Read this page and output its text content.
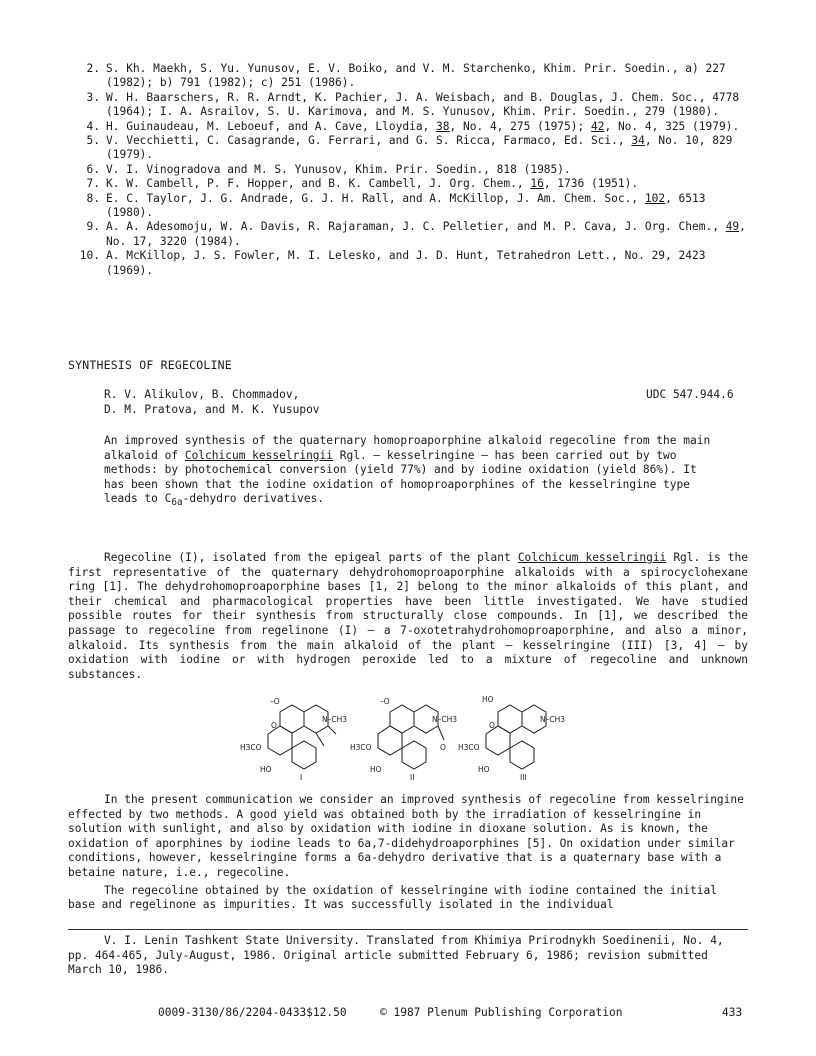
2. S. Kh. Maekh, S. Yu. Yunusov, E. V. Boiko, and V. M. Starchenko, Khim. Prir. Soedin., a) 227 (1982); b) 791 (1982); c) 251 (1986).
3. W. H. Baarschers, R. R. Arndt, K. Pachier, J. A. Weisbach, and B. Douglas, J. Chem. Soc., 4778 (1964); I. A. Asrailov, S. U. Karimova, and M. S. Yunusov, Khim. Prir. Soedin., 279 (1980).
4. H. Guinaudeau, M. Leboeuf, and A. Cave, Lloydia, 38, No. 4, 275 (1975); 42, No. 4, 325 (1979).
5. V. Vecchietti, C. Casagrande, G. Ferrari, and G. S. Ricca, Farmaco, Ed. Sci., 34, No. 10, 829 (1979).
6. V. I. Vinogradova and M. S. Yunusov, Khim. Prir. Soedin., 818 (1985).
7. K. W. Cambell, P. F. Hopper, and B. K. Cambell, J. Org. Chem., 16, 1736 (1951).
8. E. C. Taylor, J. G. Andrade, G. J. H. Rall, and A. McKillop, J. Am. Chem. Soc., 102, 6513 (1980).
9. A. A. Adesomoju, W. A. Davis, R. Rajaraman, J. C. Pelletier, and M. P. Cava, J. Org. Chem., 49, No. 17, 3220 (1984).
10. A. McKillop, J. S. Fowler, M. I. Lelesko, and J. D. Hunt, Tetrahedron Lett., No. 29, 2423 (1969).
SYNTHESIS OF REGECOLINE
R. V. Alikulov, B. Chommadov,
D. M. Pratova, and M. K. Yusupov
UDC 547.944.6
An improved synthesis of the quaternary homoproaporphine alkaloid regecoline from the main alkaloid of Colchicum kesselringii Rgl. – kesselringine – has been carried out by two methods: by photochemical conversion (yield 77%) and by iodine oxidation (yield 86%). It has been shown that the iodine oxidation of homoproaporphines of the kesselringine type leads to $C_{6a}$-dehydro derivatives.
Regecoline (I), isolated from the epigeal parts of the plant Colchicum kesselringii Rgl. is the first representative of the quaternary dehydrohomoproaporphine alkaloids with a spirocyclohexane ring [1]. The dehydrohomoproaporphine bases [1, 2] belong to the minor alkaloids of this plant, and their chemical and pharmacological properties have been little investigated. We have studied possible routes for their synthesis from structurally close compounds. In [1], we described the passage to regecoline from regelinone (I) – a 7-oxotetrahydrohomoproaporphine, and also a minor, alkaloid. Its synthesis from the main alkaloid of the plant – kesselringine (III) [3, 4] – by oxidation with iodine or with hydrogen peroxide led to a mixture of regecoline and unknown substances.
–O
N–CH3
O
H3CO
HO
I
–O
N–CH3
O
H3CO
HO
II
HO
N–CH3
O
H3CO
HO
III

In the present communication we consider an improved synthesis of regecoline from kesselringine effected by two methods. A good yield was obtained both by the irradiation of kesselringine in solution with sunlight, and also by oxidation with iodine in dioxane solution. As is known, the oxidation of aporphines by iodine leads to 6a,7-didehydroaporphines [5]. On oxidation under similar conditions, however, kesselringine forms a 6a-dehydro derivative that is a quaternary base with a betaine nature, i.e., regecoline.

The regecoline obtained by the oxidation of kesselringine with iodine contained the initial base and regelinone as impurities. It was successfully isolated in the individual

V. I. Lenin Tashkent State University. Translated from Khimiya Prirodnykh Soedinenii, No. 4, pp. 464-465, July-August, 1986. Original article submitted February 6, 1986; revision submitted March 10, 1986.
0009-3130/86/2204-0433$12.50	© 1987 Plenum Publishing Corporation	433
